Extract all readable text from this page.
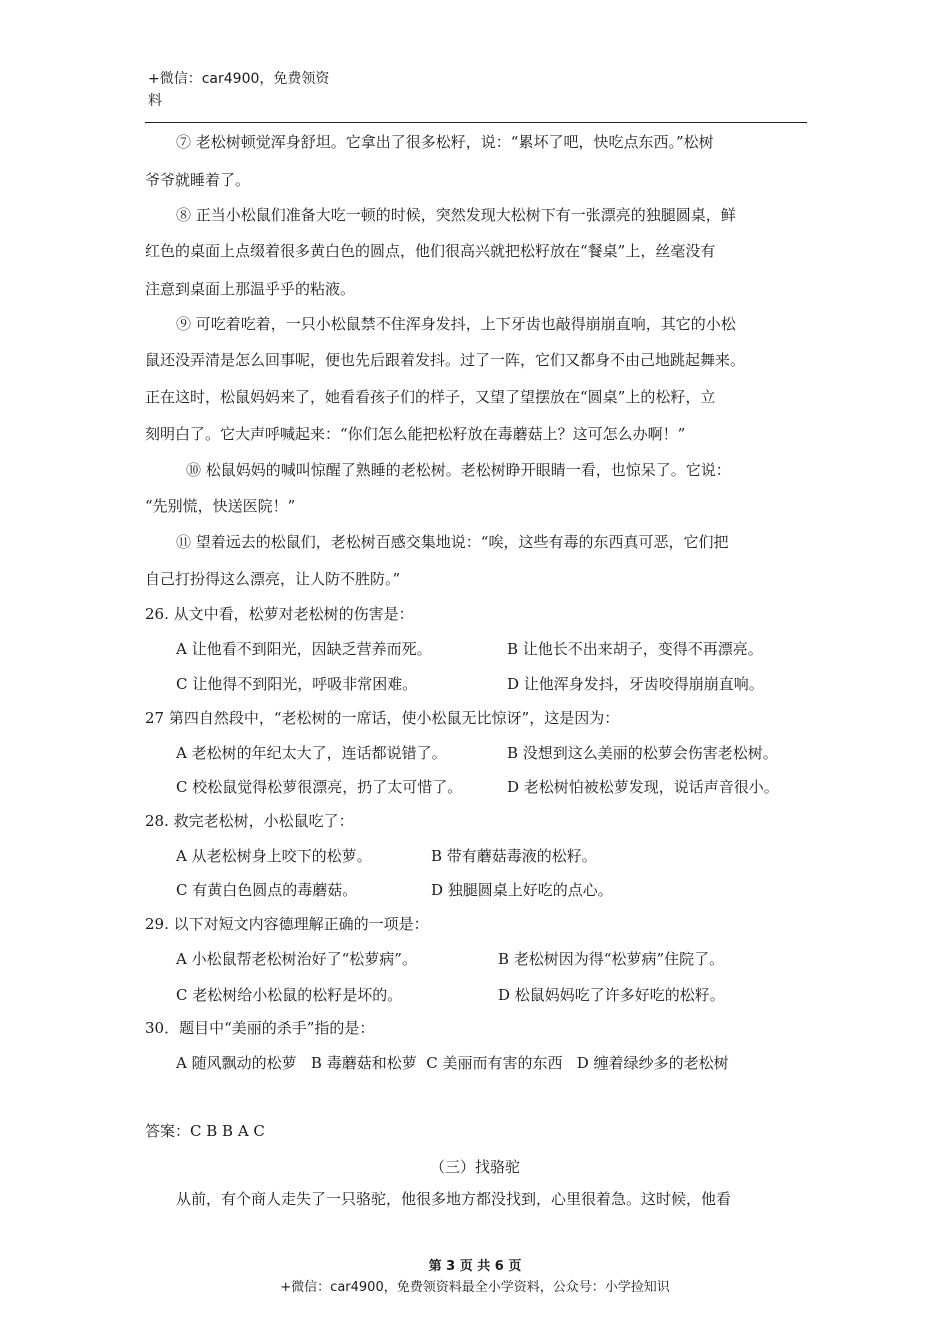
+微信：car4900，免费领资
料
⑦ 老松树顿觉浑身舒坦。它拿出了很多松籽，说：“累坏了吧，快吃点东西。”松树
爷爷就睡着了。
⑧ 正当小松鼠们准备大吃一顿的时候，突然发现大松树下有一张漂亮的独腿圆桌，鲜
红色的桌面上点缀着很多黄白色的圆点，他们很高兴就把松籽放在“餐桌”上，丝毫没有
注意到桌面上那温乎乎的粘液。
⑨ 可吃着吃着，一只小松鼠禁不住浑身发抖，上下牙齿也敲得崩崩直响，其它的小松
鼠还没弄清是怎么回事呢，便也先后跟着发抖。过了一阵，它们又都身不由己地跳起舞来。
正在这时，松鼠妈妈来了，她看看孩子们的样子，又望了望摆放在“圆桌”上的松籽，立
刻明白了。它大声呼喊起来：“你们怎么能把松籽放在毒蘑菇上？这可怎么办啊！”
⑩ 松鼠妈妈的喊叫惊醒了熟睡的老松树。老松树睁开眼睛一看，也惊呆了。它说：
“先别慌，快送医院！”
⑪ 望着远去的松鼠们，老松树百感交集地说：“唉，这些有毒的东西真可恶，它们把
自己打扮得这么漂亮，让人防不胜防。”
26. 从文中看，松萝对老松树的伤害是：
A 让他看不到阳光，因缺乏营养而死。	B 让他长不出来胡子，变得不再漂亮。
C 让他得不到阳光，呼吸非常困难。	D 让他浑身发抖，牙齿咬得崩崩直响。
27 第四自然段中，“老松树的一席话，使小松鼠无比惊讶”，这是因为：
A 老松树的年纪太大了，连话都说错了。	B 没想到这么美丽的松萝会伤害老松树。
C 校松鼠觉得松萝很漂亮，扔了太可惜了。	D 老松树怕被松萝发现，说话声音很小。
28. 救完老松树，小松鼠吃了：
A 从老松树身上咬下的松萝。	B 带有蘑菇毒液的松籽。
C 有黄白色圆点的毒蘑菇。	D 独腿圆桌上好吃的点心。
29. 以下对短文内容德理解正确的一项是：
A 小松鼠帮老松树治好了“松萝病”。	B 老松树因为得“松萝病”住院了。
C 老松树给小松鼠的松籽是坏的。	D 松鼠妈妈吃了许多好吃的松籽。
30．题目中“美丽的杀手”指的是：
A 随风飘动的松萝   B 毒蘑菇和松萝  C 美丽而有害的东西   D 缠着绿纱多的老松树
答案：C B B A C
（三）找骆驼
从前，有个商人走失了一只骆驼，他很多地方都没找到，心里很着急。这时候，他看
第 3 页 共 6 页
+微信：car4900，免费领资料最全小学资料，公众号：小学捡知识
